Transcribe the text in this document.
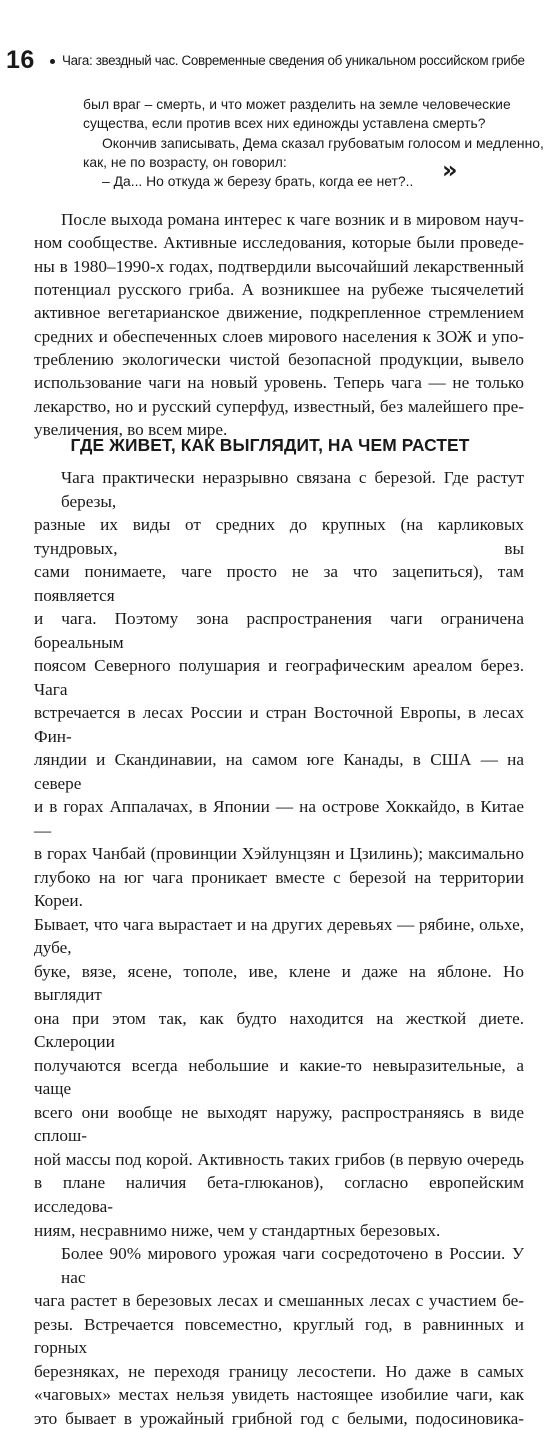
16 Чага: звездный час. Современные сведения об уникальном российском грибе
был враг – смерть, и что может разделить на земле человеческие
существа, если против всех них единожды уставлена смерть?
Окончив записывать, Дема сказал грубоватым голосом и медленно,
как, не по возрасту, он говорил:
– Да... Но откуда ж березу брать, когда ее нет?..	»
После выхода романа интерес к чаге возник и в мировом науч-
ном сообществе. Активные исследования, которые были проведе-
ны в 1980–1990-х годах, подтвердили высочайший лекарственный
потенциал русского гриба. А возникшее на рубеже тысячелетий
активное вегетарианское движение, подкрепленное стремлением
средних и обеспеченных слоев мирового населения к ЗОЖ и упо-
треблению экологически чистой безопасной продукции, вывело
использование чаги на новый уровень. Теперь чага — не только
лекарство, но и русский суперфуд, известный, без малейшего пре-
увеличения, во всем мире.
ГДЕ ЖИВЕТ, КАК ВЫГЛЯДИТ, НА ЧЕМ РАСТЕТ
Чага практически неразрывно связана с березой. Где растут березы,
разные их виды от средних до крупных (на карликовых тундровых, вы
сами понимаете, чаге просто не за что зацепиться), там появляется
и чага. Поэтому зона распространения чаги ограничена бореальным
поясом Северного полушария и географическим ареалом берез. Чага
встречается в лесах России и стран Восточной Европы, в лесах Фин-
ляндии и Скандинавии, на самом юге Канады, в США — на севере
и в горах Аппалачах, в Японии — на острове Хоккайдо, в Китае —
в горах Чанбай (провинции Хэйлунцзян и Цзилинь); максимально
глубоко на юг чага проникает вместе с березой на территории Кореи.
Бывает, что чага вырастает и на других деревьях — рябине, ольхе, дубе,
буке, вязе, ясене, тополе, иве, клене и даже на яблоне. Но выглядит
она при этом так, как будто находится на жесткой диете. Склероции
получаются всегда небольшие и какие-то невыразительные, а чаще
всего они вообще не выходят наружу, распространяясь в виде сплош-
ной массы под корой. Активность таких грибов (в первую очередь
в плане наличия бета-глюканов), согласно европейским исследова-
ниям, несравнимо ниже, чем у стандартных березовых.
Более 90% мирового урожая чаги сосредоточено в России. У нас
чага растет в березовых лесах и смешанных лесах с участием бе-
резы. Встречается повсеместно, круглый год, в равнинных и горных
березняках, не переходя границу лесостепи. Но даже в самых
«чаговых» местах нельзя увидеть настоящее изобилие чаги, как
это бывает в урожайный грибной год с белыми, подосиновика-
